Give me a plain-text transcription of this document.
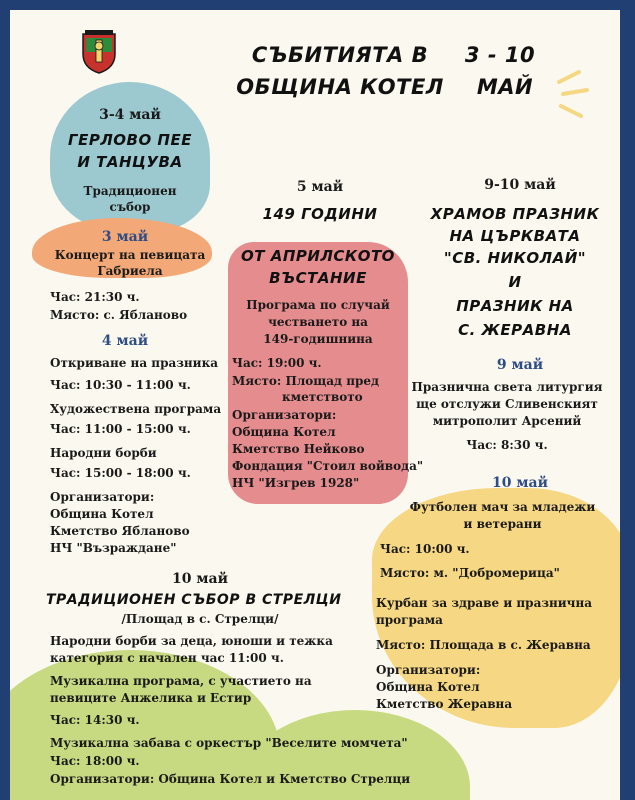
СЪБИТИЯТА В

ОБЩИНА КОТЕЛ

3 - 10

МАЙ

3-4 май

ГЕРЛОВО ПЕЕ

И ТАНЦУВА

Традиционен

събор

3 май

Концерт на певицата

Габриела

Час: 21:30 ч.

Място: с. Ябланово

4 май

Откриване на празника

Час: 10:30 - 11:00 ч.

Художествена програма

Час: 11:00 - 15:00 ч.

Народни борби

Час: 15:00 - 18:00 ч.

Организатори:

Община Котел

Кметство Ябланово

НЧ "Възраждане"

5 май

149 ГОДИНИ

ОТ АПРИЛСКОТО

ВЪСТАНИЕ

Програма по случай

честването на

149-годишнина

Час: 19:00 ч.

Място: Площад пред

кметството

Организатори:

Община Котел

Кметство Нейково

Фондация "Стоил войвода"

НЧ "Изгрев 1928"

9-10 май

ХРАМОВ ПРАЗНИК

НА ЦЪРКВАТА

"СВ. НИКОЛАЙ"

И

ПРАЗНИК НА

С. ЖЕРАВНА

9 май

Празнична света литургия

ще отслужи Сливенският

митрополит Арсений

Час: 8:30 ч.

10 май

Футболен мач за младежи

и ветерани

Час: 10:00 ч.

Място: м. "Добромерица"

Курбан за здраве и празнична

програма

Място: Площада в с. Жеравна

Организатори:

Община Котел

Кметство Жеравна

10 май

ТРАДИЦИОНЕН СЪБОР В СТРЕЛЦИ

/Площад в с. Стрелци/

Народни борби за деца, юноши и тежка

категория с начален час 11:00 ч.

Музикална програма, с участието на

певиците Анжелика и Естир

Час: 14:30 ч.

Музикална забава с оркестър "Веселите момчета"

Час: 18:00 ч.

Организатори: Община Котел и Кметство Стрелци
